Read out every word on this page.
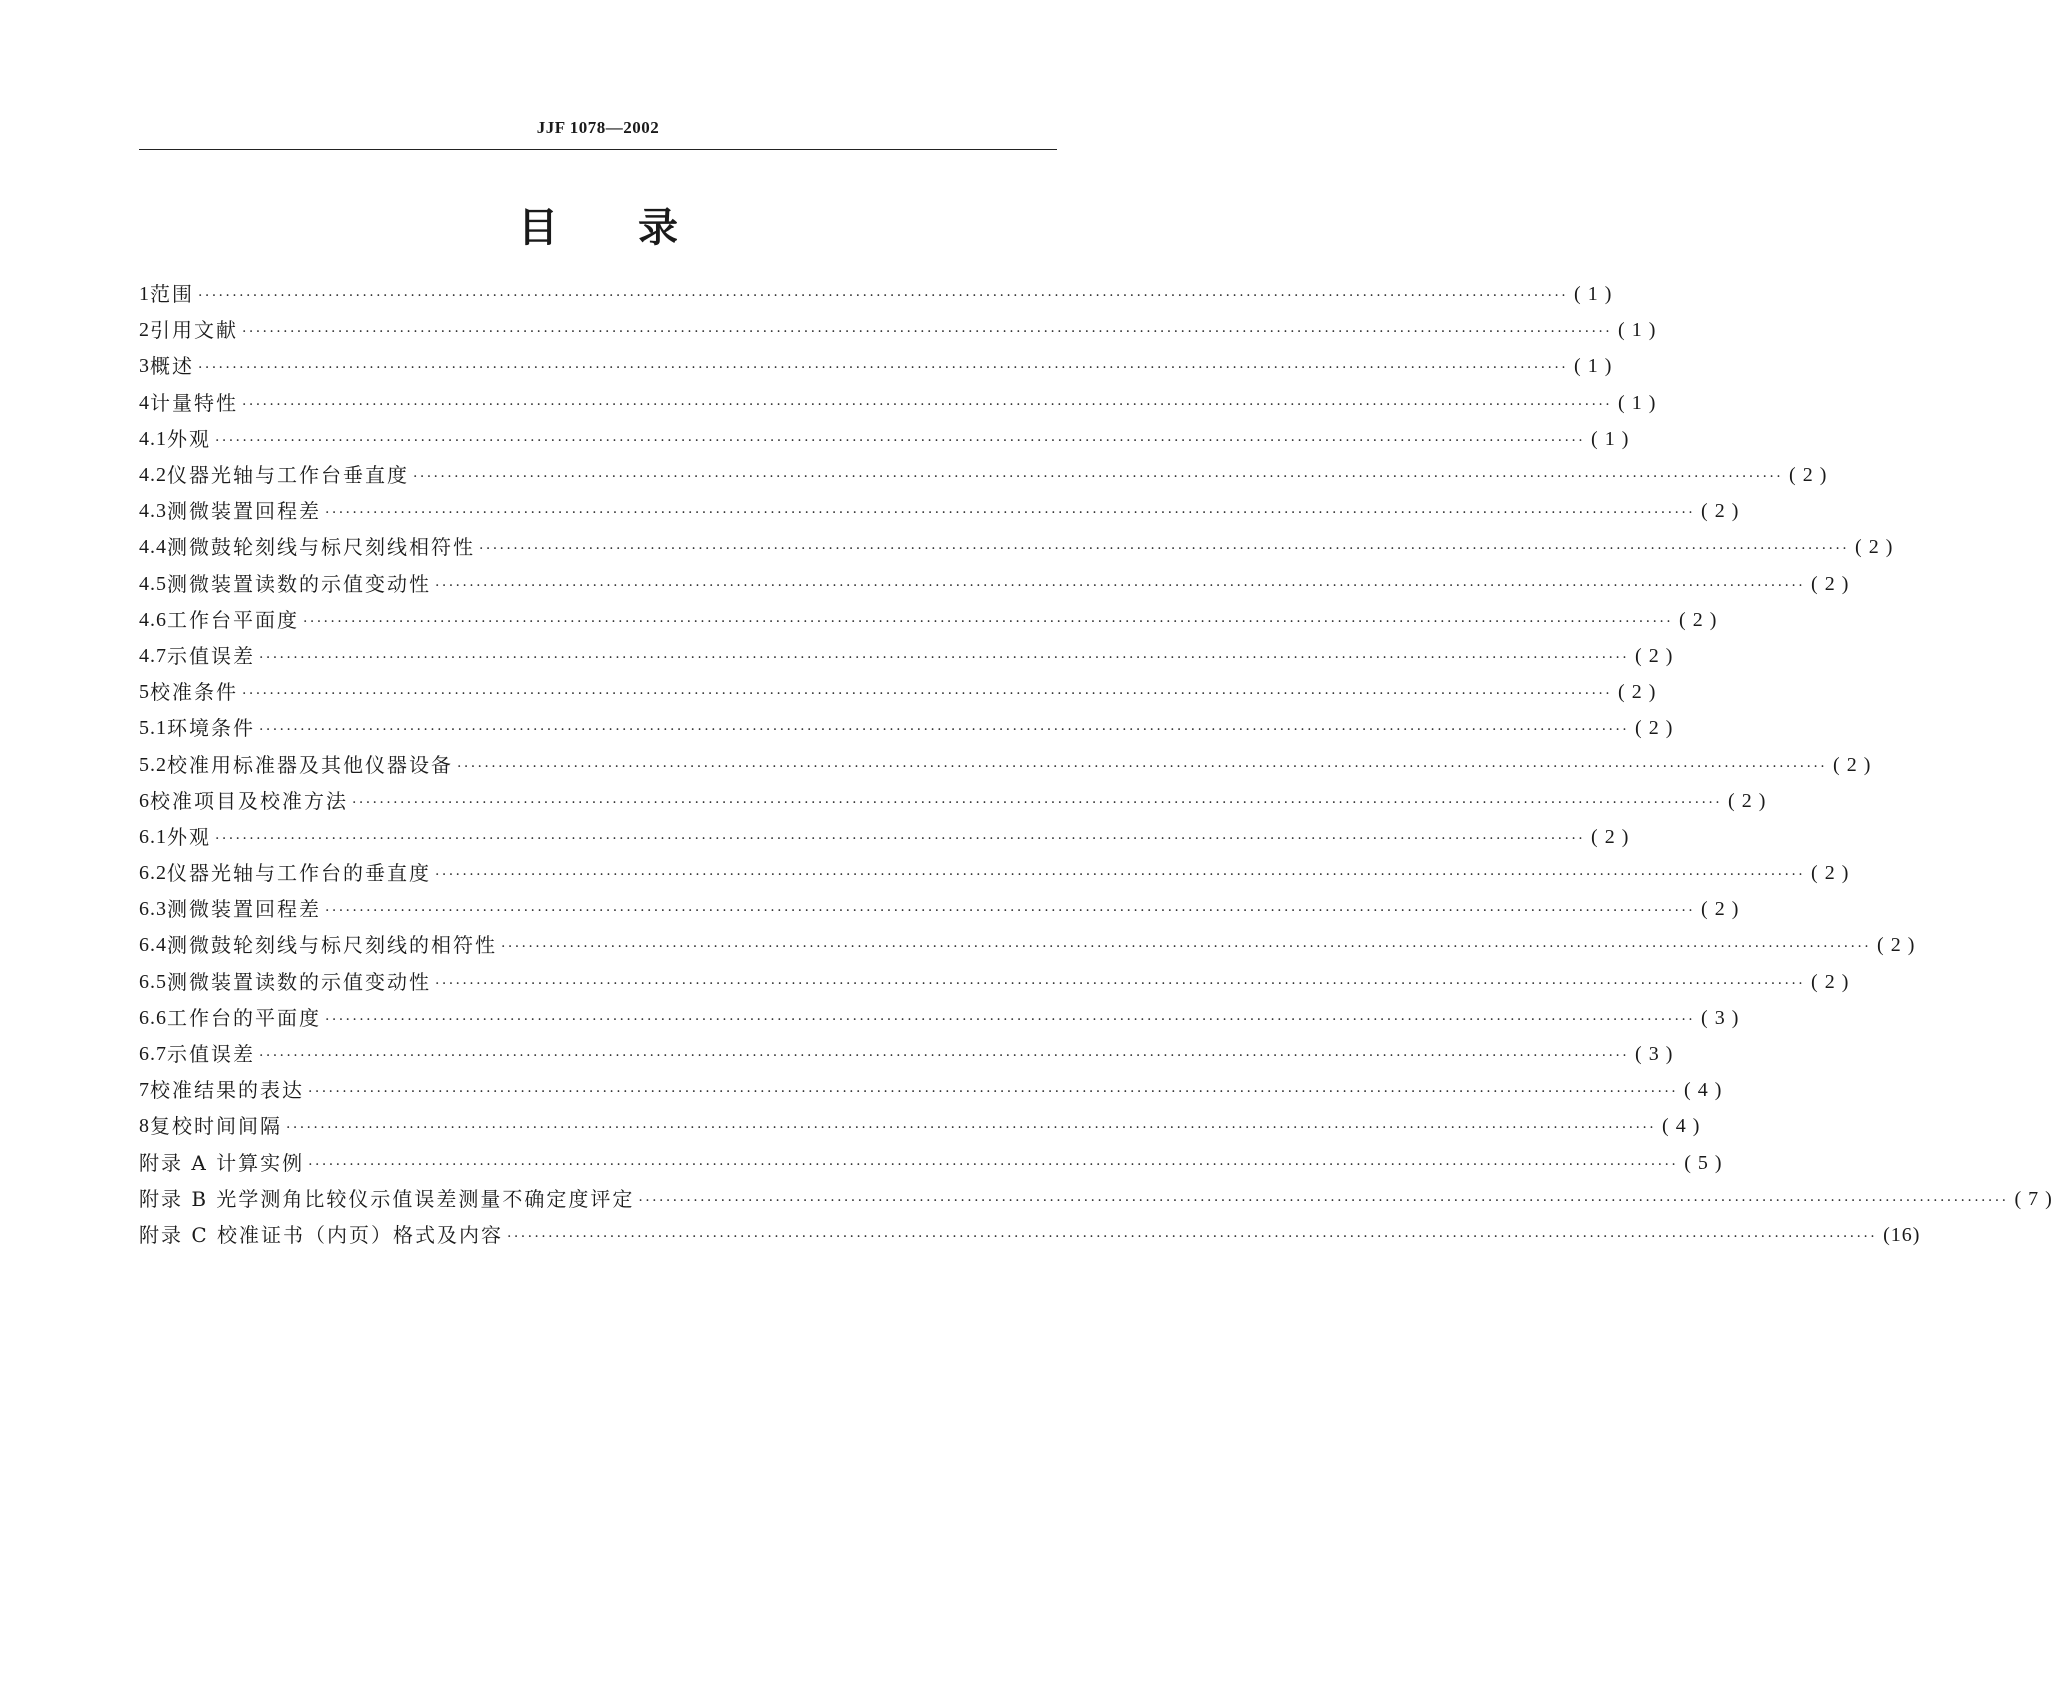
JJF 1078—2002
目录
1 范围 ········································································································································································································ ( 1 )
2 引用文献 ········································································································································································································ ( 1 )
3 概述 ········································································································································································································ ( 1 )
4 计量特性 ········································································································································································································ ( 1 )
4.1 外观 ········································································································································································································ ( 1 )
4.2 仪器光轴与工作台垂直度 ········································································································································································································ ( 2 )
4.3 测微装置回程差 ········································································································································································································ ( 2 )
4.4 测微鼓轮刻线与标尺刻线相符性 ········································································································································································································ ( 2 )
4.5 测微装置读数的示值变动性 ········································································································································································································ ( 2 )
4.6 工作台平面度 ········································································································································································································ ( 2 )
4.7 示值误差 ········································································································································································································ ( 2 )
5 校准条件 ········································································································································································································ ( 2 )
5.1 环境条件 ········································································································································································································ ( 2 )
5.2 校准用标准器及其他仪器设备 ········································································································································································································ ( 2 )
6 校准项目及校准方法 ········································································································································································································ ( 2 )
6.1 外观 ········································································································································································································ ( 2 )
6.2 仪器光轴与工作台的垂直度 ········································································································································································································ ( 2 )
6.3 测微装置回程差 ········································································································································································································ ( 2 )
6.4 测微鼓轮刻线与标尺刻线的相符性 ········································································································································································································ ( 2 )
6.5 测微装置读数的示值变动性 ········································································································································································································ ( 2 )
6.6 工作台的平面度 ········································································································································································································ ( 3 )
6.7 示值误差 ········································································································································································································ ( 3 )
7 校准结果的表达 ········································································································································································································ ( 4 )
8 复校时间间隔 ········································································································································································································ ( 4 )
附录 A 计算实例 ········································································································································································································ ( 5 )
附录 B 光学测角比较仪示值误差测量不确定度评定 ········································································································································································································ ( 7 )
附录 C 校准证书（内页）格式及内容 ········································································································································································································ (16)
